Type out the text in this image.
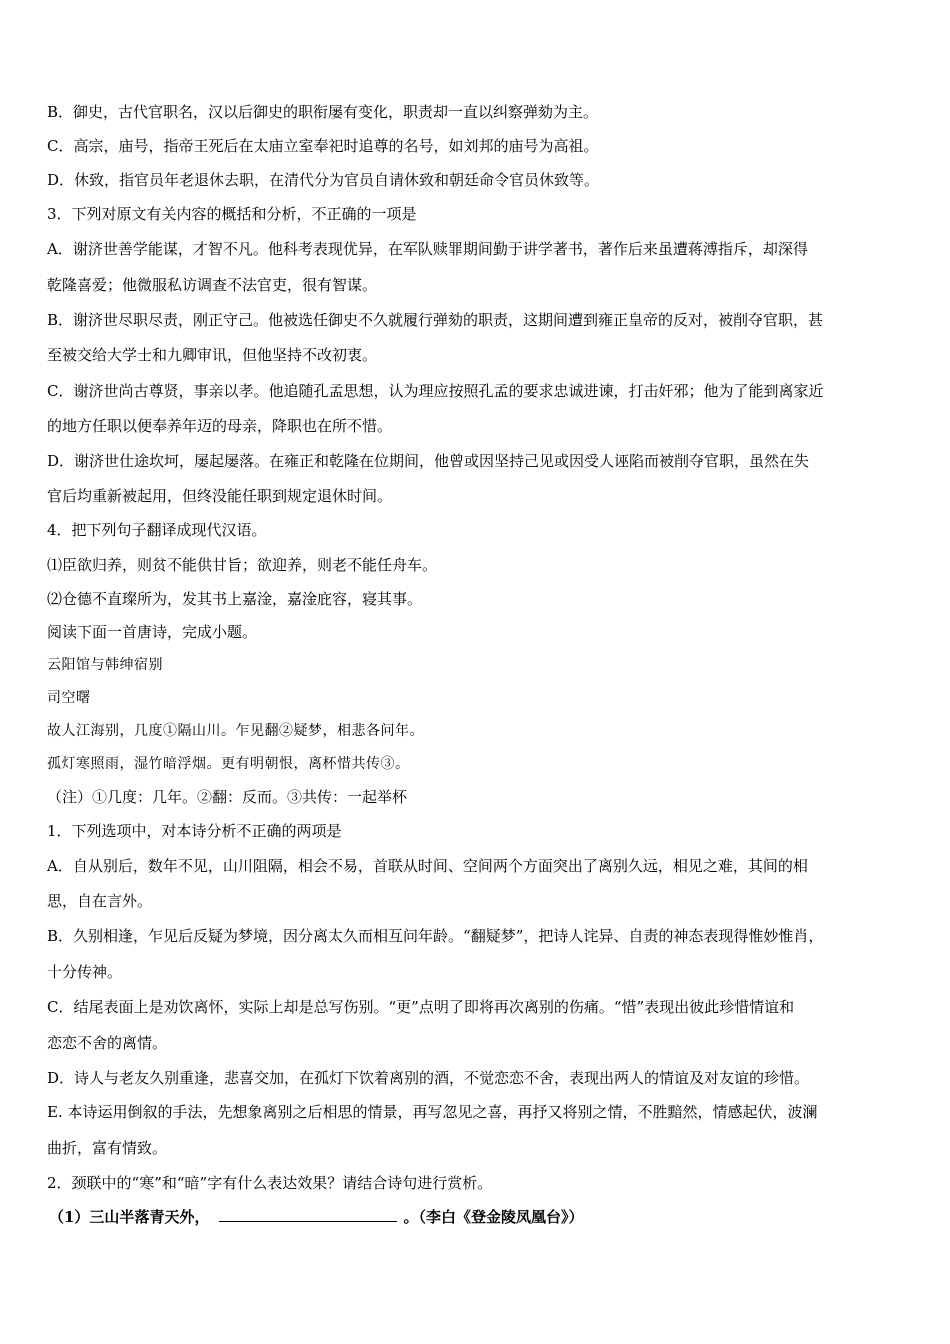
B．御史，古代官职名，汉以后御史的职衔屡有变化，职责却一直以纠察弹劾为主。
C．高宗，庙号，指帝王死后在太庙立室奉祀时追尊的名号，如刘邦的庙号为高祖。
D．休致，指官员年老退休去职，在清代分为官员自请休致和朝廷命令官员休致等。
3．下列对原文有关内容的概括和分析，不正确的一项是
A．谢济世善学能谋，才智不凡。他科考表现优异，在军队赎罪期间勤于讲学著书，著作后来虽遭蒋溥指斥，却深得
乾隆喜爱；他微服私访调查不法官吏，很有智谋。
B．谢济世尽职尽责，刚正守己。他被选任御史不久就履行弹劾的职责，这期间遭到雍正皇帝的反对，被削夺官职，甚
至被交给大学士和九卿审讯，但他坚持不改初衷。
C．谢济世尚古尊贤，事亲以孝。他追随孔孟思想，认为理应按照孔孟的要求忠诚进谏，打击奸邪；他为了能到离家近
的地方任职以便奉养年迈的母亲，降职也在所不惜。
D．谢济世仕途坎坷，屡起屡落。在雍正和乾隆在位期间，他曾或因坚持己见或因受人诬陷而被削夺官职，虽然在失
官后均重新被起用，但终没能任职到规定退休时间。
4．把下列句子翻译成现代汉语。
⑴臣欲归养，则贫不能供甘旨；欲迎养，则老不能任舟车。
⑵仓德不直璨所为，发其书上嘉淦，嘉淦庇容，寝其事。
阅读下面一首唐诗，完成小题。
云阳馆与韩绅宿别
司空曙
故人江海别，几度①隔山川。乍见翻②疑梦，相悲各问年。
孤灯寒照雨，湿竹暗浮烟。更有明朝恨，离杯惜共传③。
（注）①几度：几年。②翻：反而。③共传：一起举杯
1．下列选项中，对本诗分析不正确的两项是
A．自从别后，数年不见，山川阻隔，相会不易，首联从时间、空间两个方面突出了离别久远，相见之难，其间的相
思，自在言外。
B．久别相逢，乍见后反疑为梦境，因分离太久而相互问年龄。“翻疑梦”，把诗人诧异、自责的神态表现得惟妙惟肖，
十分传神。
C．结尾表面上是劝饮离怀，实际上却是总写伤别。“更”点明了即将再次离别的伤痛。“惜”表现出彼此珍惜情谊和
恋恋不舍的离情。
D．诗人与老友久别重逢，悲喜交加，在孤灯下饮着离别的酒，不觉恋恋不舍，表现出两人的情谊及对友谊的珍惜。
E. 本诗运用倒叙的手法，先想象离别之后相思的情景，再写忽见之喜，再抒又将别之情，不胜黯然，情感起伏，波澜
曲折，富有情致。
2．颈联中的“寒”和“暗”字有什么表达效果？请结合诗句进行赏析。
（1）三山半落青天外，	。（李白《登金陵凤凰台》）
